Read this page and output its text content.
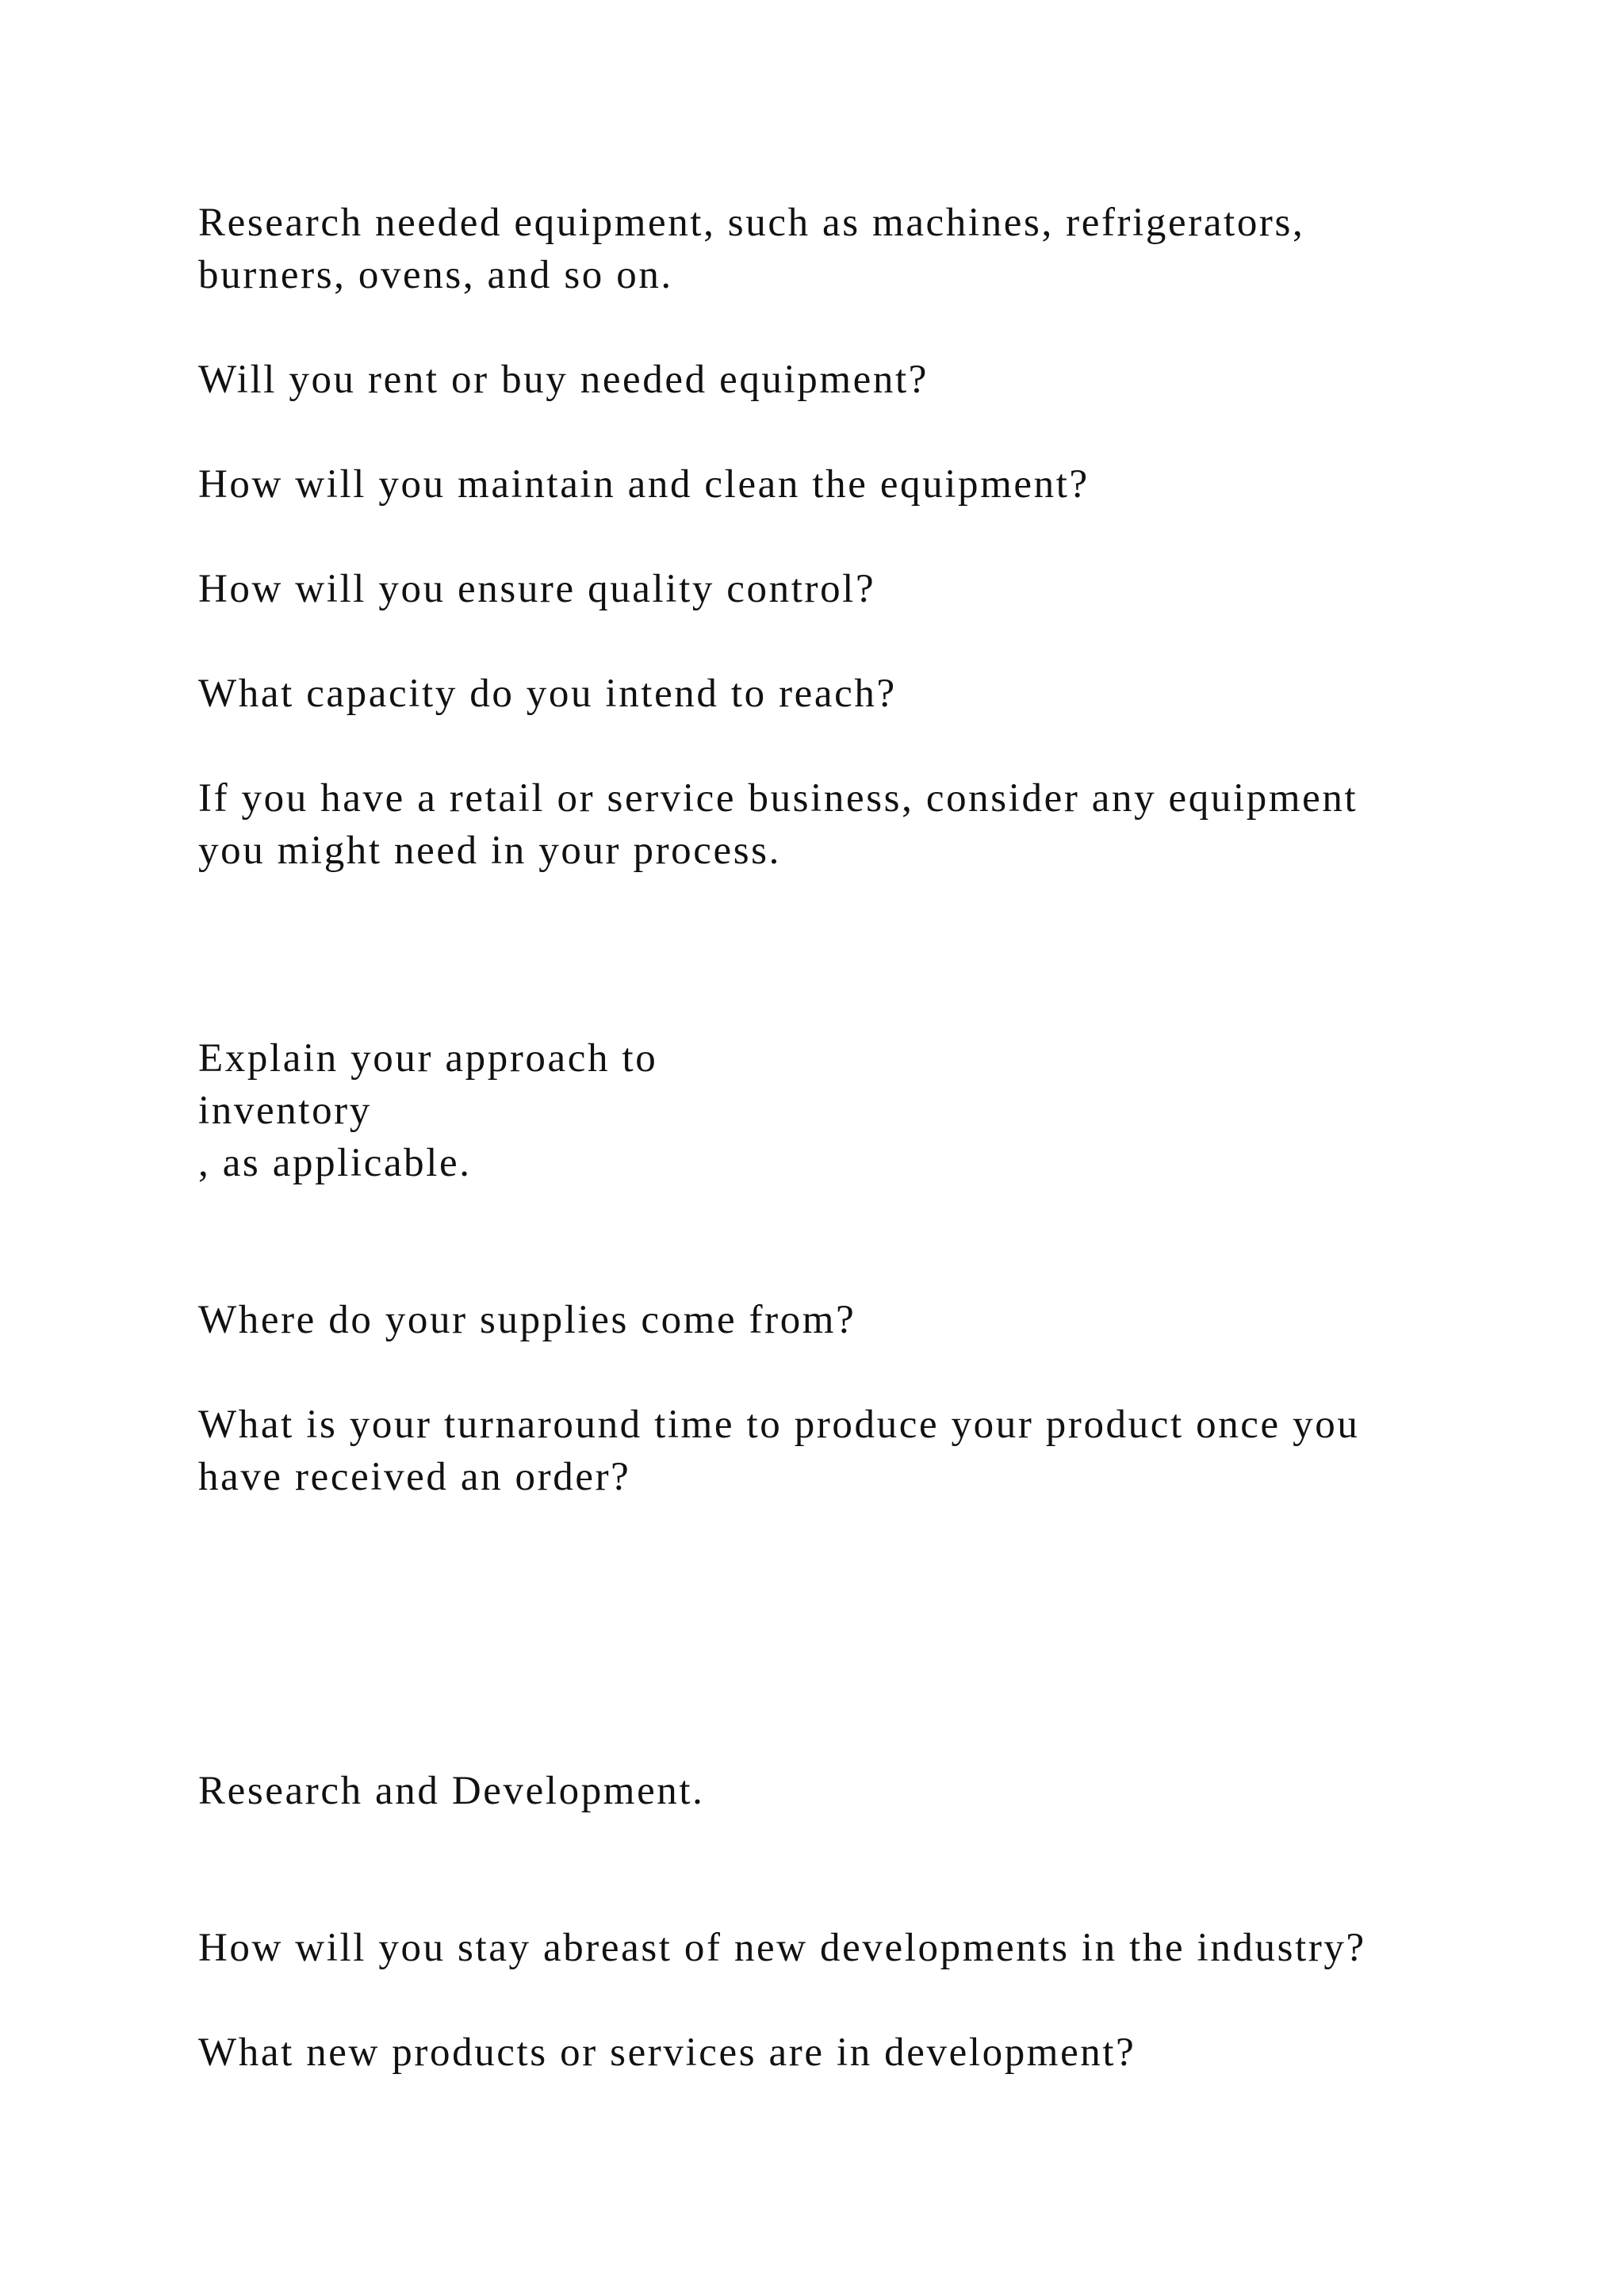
Research needed equipment, such as machines, refrigerators,

burners, ovens, and so on.

Will you rent or buy needed equipment?

How will you maintain and clean the equipment?

How will you ensure quality control?

What capacity do you intend to reach?

If you have a retail or service business, consider any equipment

you might need in your process.

Explain your approach to

inventory

, as applicable.

Where do your supplies come from?

What is your turnaround time to produce your product once you

have received an order?

Research and Development.

How will you stay abreast of new developments in the industry?

What new products or services are in development?
